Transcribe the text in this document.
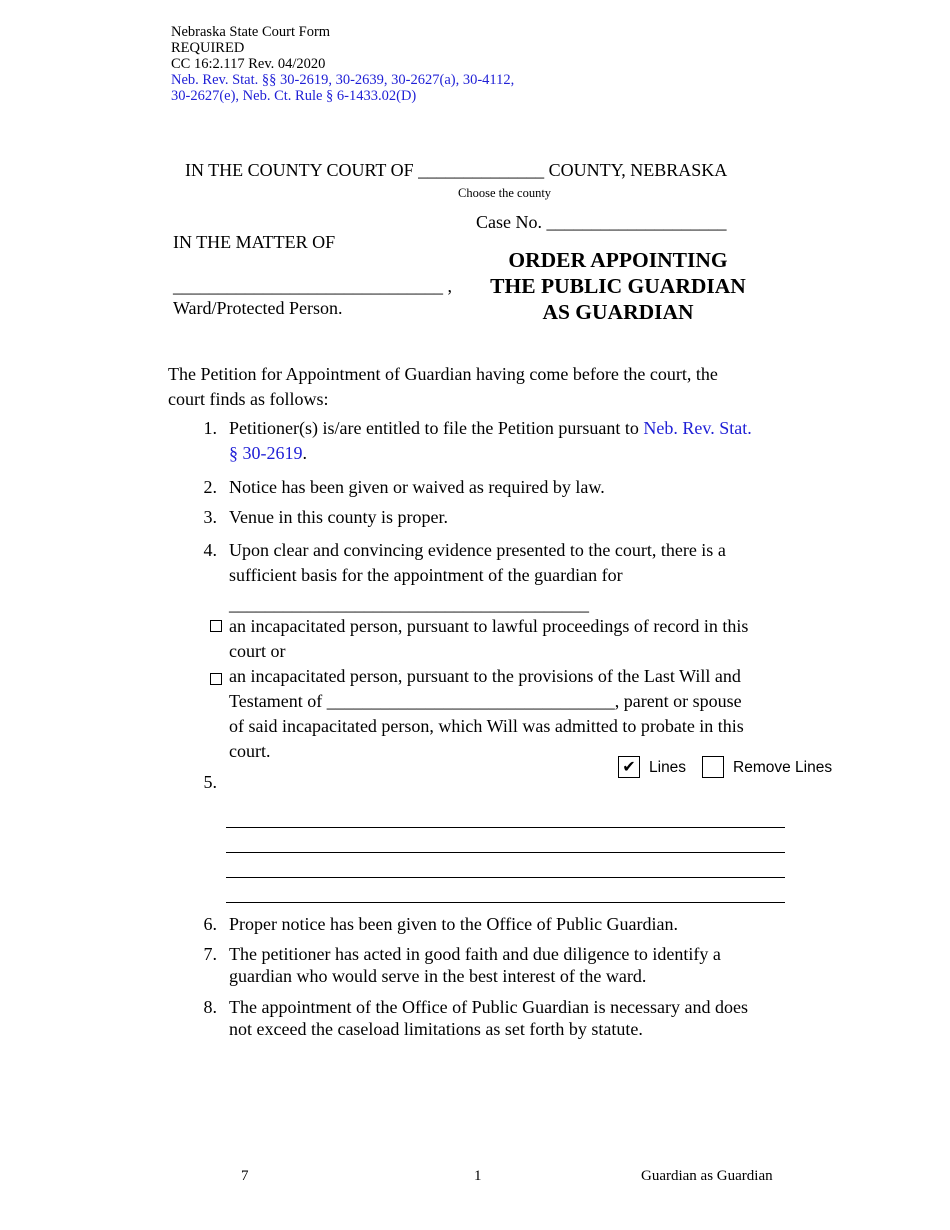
Nebraska State Court Form
REQUIRED
CC 16:2.117 Rev. 04/2020
Neb. Rev. Stat. §§ 30-2619, 30-2639, 30-2627(a), 30-4112,
30-2627(e), Neb. Ct. Rule § 6-1433.02(D)
IN THE COUNTY COURT OF ______________ COUNTY, NEBRASKA
Choose the county
Case No. ____________________
IN THE MATTER OF
______________________________ ,
Ward/Protected Person.
ORDER APPOINTING
THE PUBLIC GUARDIAN
AS GUARDIAN
The Petition for Appointment of Guardian having come before the court, the
court finds as follows:
1. Petitioner(s) is/are entitled to file the Petition pursuant to Neb. Rev. Stat.
§ 30-2619.
2. Notice has been given or waived as required by law.
3. Venue in this county is proper.
4. Upon clear and convincing evidence presented to the court, there is a
sufficient basis for the appointment of the guardian for
________________________________________
an incapacitated person, pursuant to lawful proceedings of record in this
court or
an incapacitated person, pursuant to the provisions of the Last Will and
Testament of ________________________________, parent or spouse
of said incapacitated person, which Will was admitted to probate in this
court.
✔ Lines	Remove Lines
5.
6. Proper notice has been given to the Office of Public Guardian.
7. The petitioner has acted in good faith and due diligence to identify a
guardian who would serve in the best interest of the ward.
8. The appointment of the Office of Public Guardian is necessary and does
not exceed the caseload limitations as set forth by statute.
7	1	Guardian as Guardian
